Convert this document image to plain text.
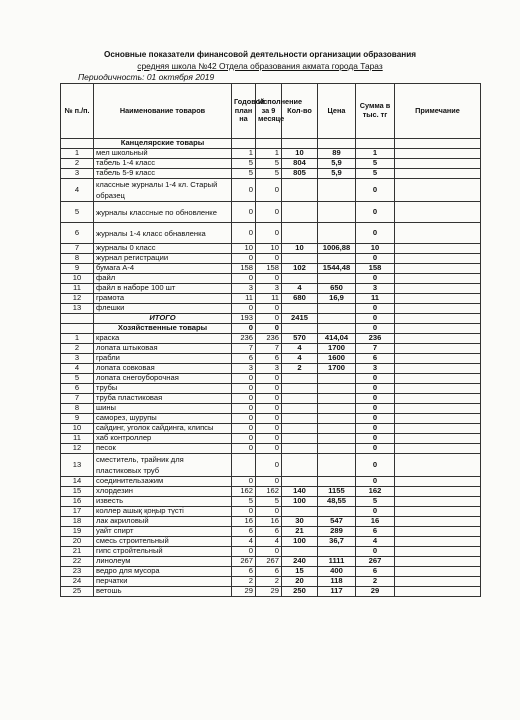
Основные показатели финансовой деятельности организации образования
средняя школа №42 Отдела образования акмата города Тараз
Периодичность: 01 октября 2019
№ п./п.	Наименование товаров	Годовой план на	Исполнение за 9 месяце	Кол-во	Цена	Сумма в тыс. тг	Примечание
	Канцелярские товары						
1	мел школьный	1	1	10	89	1	
2	табель 1-4 класс	5	5	804	5,9	5	
3	табель 5-9 класс	5	5	805	5,9	5	
4	классные журналы 1-4 кл. Старый образец	0	0			0	
5	журналы классные по обновленке	0	0			0	
6	журналы 1-4 класс обнавленка	0	0			0	
7	журналы 0 класс	10	10	10	1006,88	10	
8	журнал регистрации	0	0			0	
9	бумага А-4	158	158	102	1544,48	158	
10	файл	0	0			0	
11	файл в наборе 100 шт	3	3	4	650	3	
12	грамота	11	11	680	16,9	11	
13	флешки	0	0			0	
	ИТОГО	193	0	2415		0	
	Хозяйственные товары	0	0			0	
1	краска	236	236	570	414,04	236	
2	лопата штыковая	7	7	4	1700	7	
3	грабли	6	6	4	1600	6	
4	лопата совковая	3	3	2	1700	3	
5	лопата снегоуборочная	0	0			0	
6	трубы	0	0			0	
7	труба пластиковая	0	0			0	
8	шины	0	0			0	
9	саморез, шурупы	0	0			0	
10	сайдинг, уголок сайдинга, клипсы	0	0			0	
11	хаб контроллер	0	0			0	
12	песок	0	0			0	
13	сместитель, трайник для пластиковых труб		0			0	
14	соединительзажим	0	0			0	
15	хлордезин	162	162	140	1155	162	
16	известь	5	5	100	48,55	5	
17	коллер ашық қоңыр түсті	0	0			0	
18	лак акриловый	16	16	30	547	16	
19	уайт спирт	6	6	21	289	6	
20	смесь строительный	4	4	100	36,7	4	
21	гипс стройтельный	0	0			0	
22	линолеум	267	267	240	1111	267	
23	ведро для мусора	6	6	15	400	6	
24	перчатки	2	2	20	118	2	
25	ветошь	29	29	250	117	29	
